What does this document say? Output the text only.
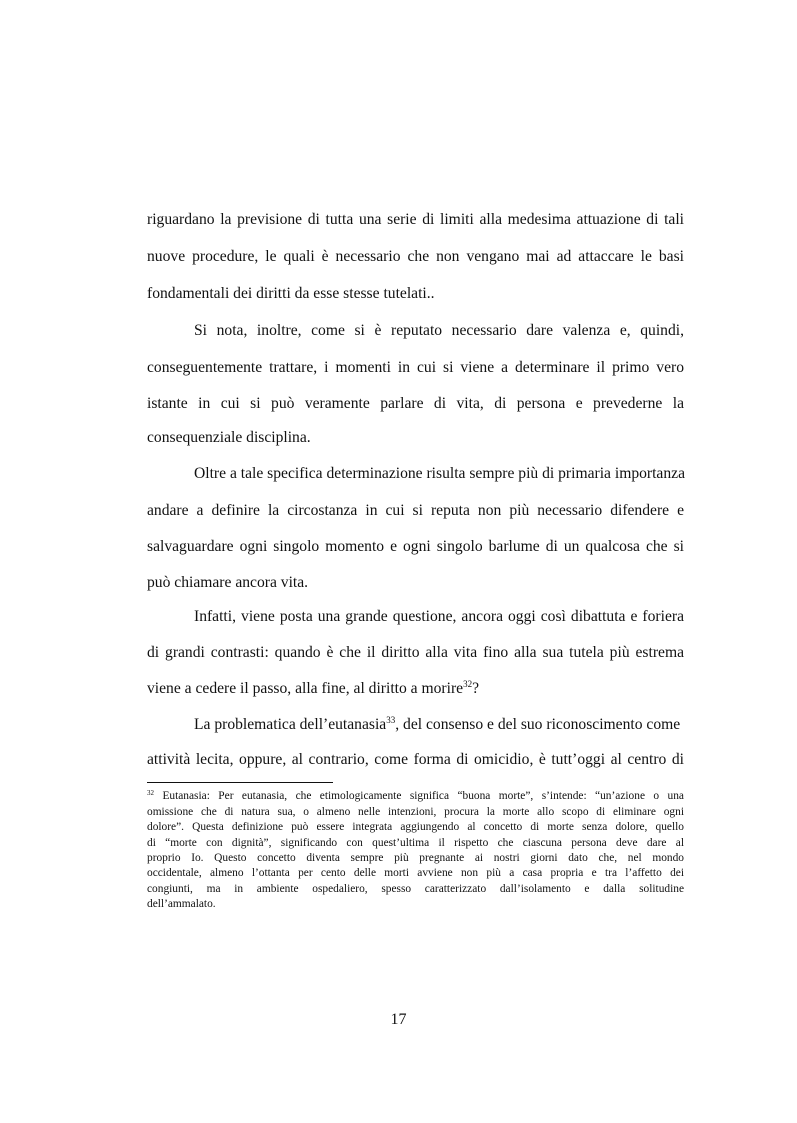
riguardano la previsione di tutta una serie di limiti alla medesima attuazione di tali
nuove procedure, le quali è necessario che non vengano mai ad attaccare le basi
fondamentali dei diritti da esse stesse tutelati..
Si nota, inoltre, come si è reputato necessario dare valenza e, quindi,
conseguentemente trattare, i momenti in cui si viene a determinare il primo vero
istante in cui si può veramente parlare di vita, di persona e prevederne la
consequenziale disciplina.
Oltre a tale specifica determinazione risulta sempre più di primaria importanza
andare a definire la circostanza in cui si reputa non più necessario difendere e
salvaguardare ogni singolo momento e ogni singolo barlume di un qualcosa che si
può chiamare ancora vita.
Infatti, viene posta una grande questione, ancora oggi così dibattuta e foriera
di grandi contrasti: quando è che il diritto alla vita fino alla sua tutela più estrema
viene a cedere il passo, alla fine, al diritto a morire$^{32}$?
La problematica dell’eutanasia$^{33}$, del consenso e del suo riconoscimento come
attività lecita, oppure, al contrario, come forma di omicidio, è tutt’oggi al centro di
$^{32}$ Eutanasia: Per eutanasia, che etimologicamente significa “buona morte”, s’intende: “un’azione o una
omissione che di natura sua, o almeno nelle intenzioni, procura la morte allo scopo di eliminare ogni
dolore”. Questa definizione può essere integrata aggiungendo al concetto di morte senza dolore, quello
di “morte con dignità”, significando con quest’ultima il rispetto che ciascuna persona deve dare al
proprio Io. Questo concetto diventa sempre più pregnante ai nostri giorni dato che, nel mondo
occidentale, almeno l’ottanta per cento delle morti avviene non più a casa propria e tra l’affetto dei
congiunti, ma in ambiente ospedaliero, spesso caratterizzato dall’isolamento e dalla solitudine
dell’ammalato.
17
